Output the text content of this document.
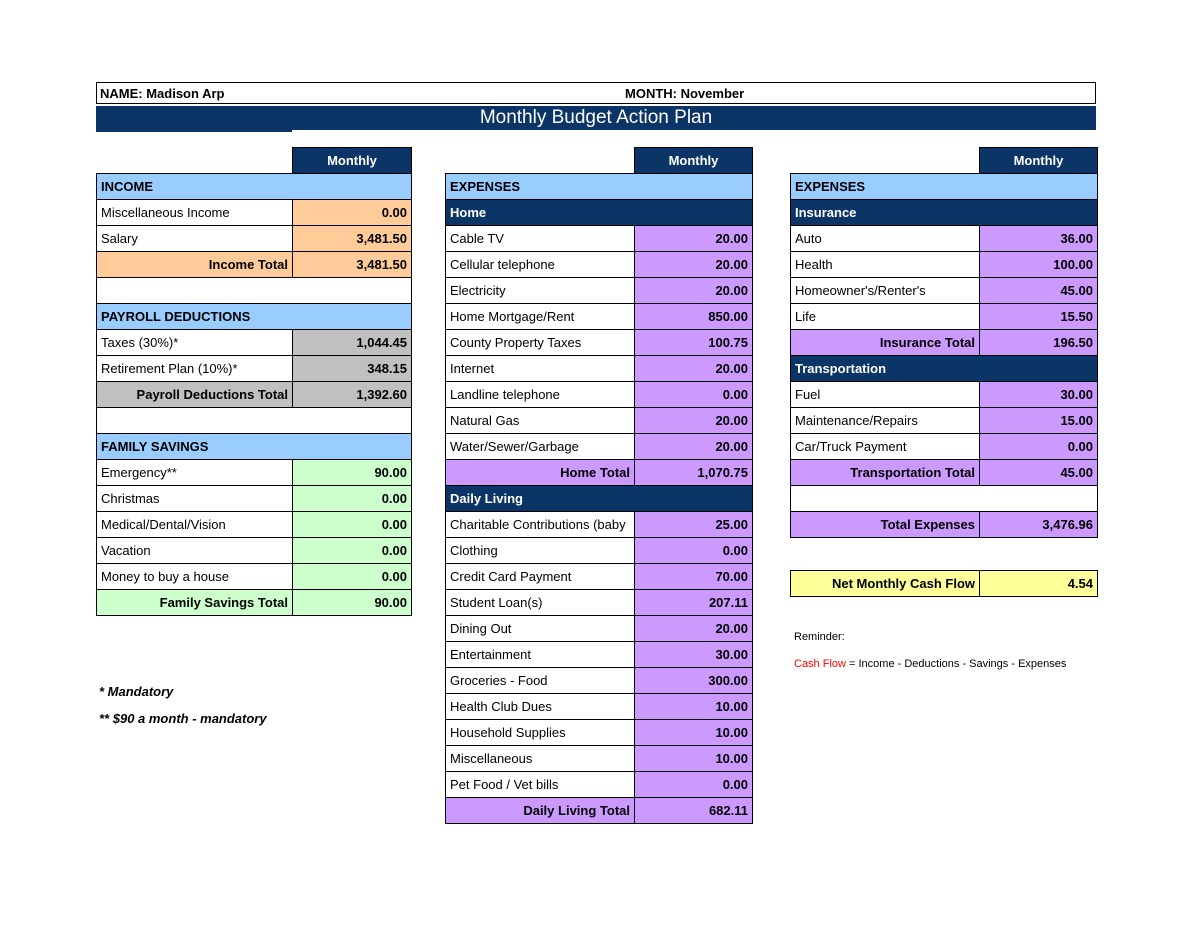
NAME: Madison Arp	MONTH: November
Monthly Budget Action Plan
	Monthly
INCOME	
Miscellaneous Income	0.00
Salary	3,481.50
Income Total	3,481.50

PAYROLL DEDUCTIONS	
Taxes (30%)*	1,044.45
Retirement Plan (10%)*	348.15
Payroll Deductions Total	1,392.60

FAMILY SAVINGS	
Emergency**	90.00
Christmas	0.00
Medical/Dental/Vision	0.00
Vacation	0.00
Money to buy a house	0.00
Family Savings Total	90.00
* Mandatory
** $90 a month - mandatory
	Monthly
EXPENSES	
Home	
Cable TV	20.00
Cellular telephone	20.00
Electricity	20.00
Home Mortgage/Rent	850.00
County Property Taxes	100.75
Internet	20.00
Landline telephone	0.00
Natural Gas	20.00
Water/Sewer/Garbage	20.00
Home Total	1,070.75
Daily Living	
Charitable Contributions (baby	25.00
Clothing	0.00
Credit Card Payment	70.00
Student Loan(s)	207.11
Dining Out	20.00
Entertainment	30.00
Groceries - Food	300.00
Health Club Dues	10.00
Household Supplies	10.00
Miscellaneous	10.00
Pet Food / Vet bills	0.00
Daily Living Total	682.11
	Monthly
EXPENSES	
Insurance	
Auto	36.00
Health	100.00
Homeowner's/Renter's	45.00
Life	15.50
Insurance Total	196.50
Transportation	
Fuel	30.00
Maintenance/Repairs	15.00
Car/Truck Payment	0.00
Transportation Total	45.00

Total Expenses	3,476.96
Net Monthly Cash Flow	4.54
Reminder:
Cash Flow = Income - Deductions - Savings - Expenses
